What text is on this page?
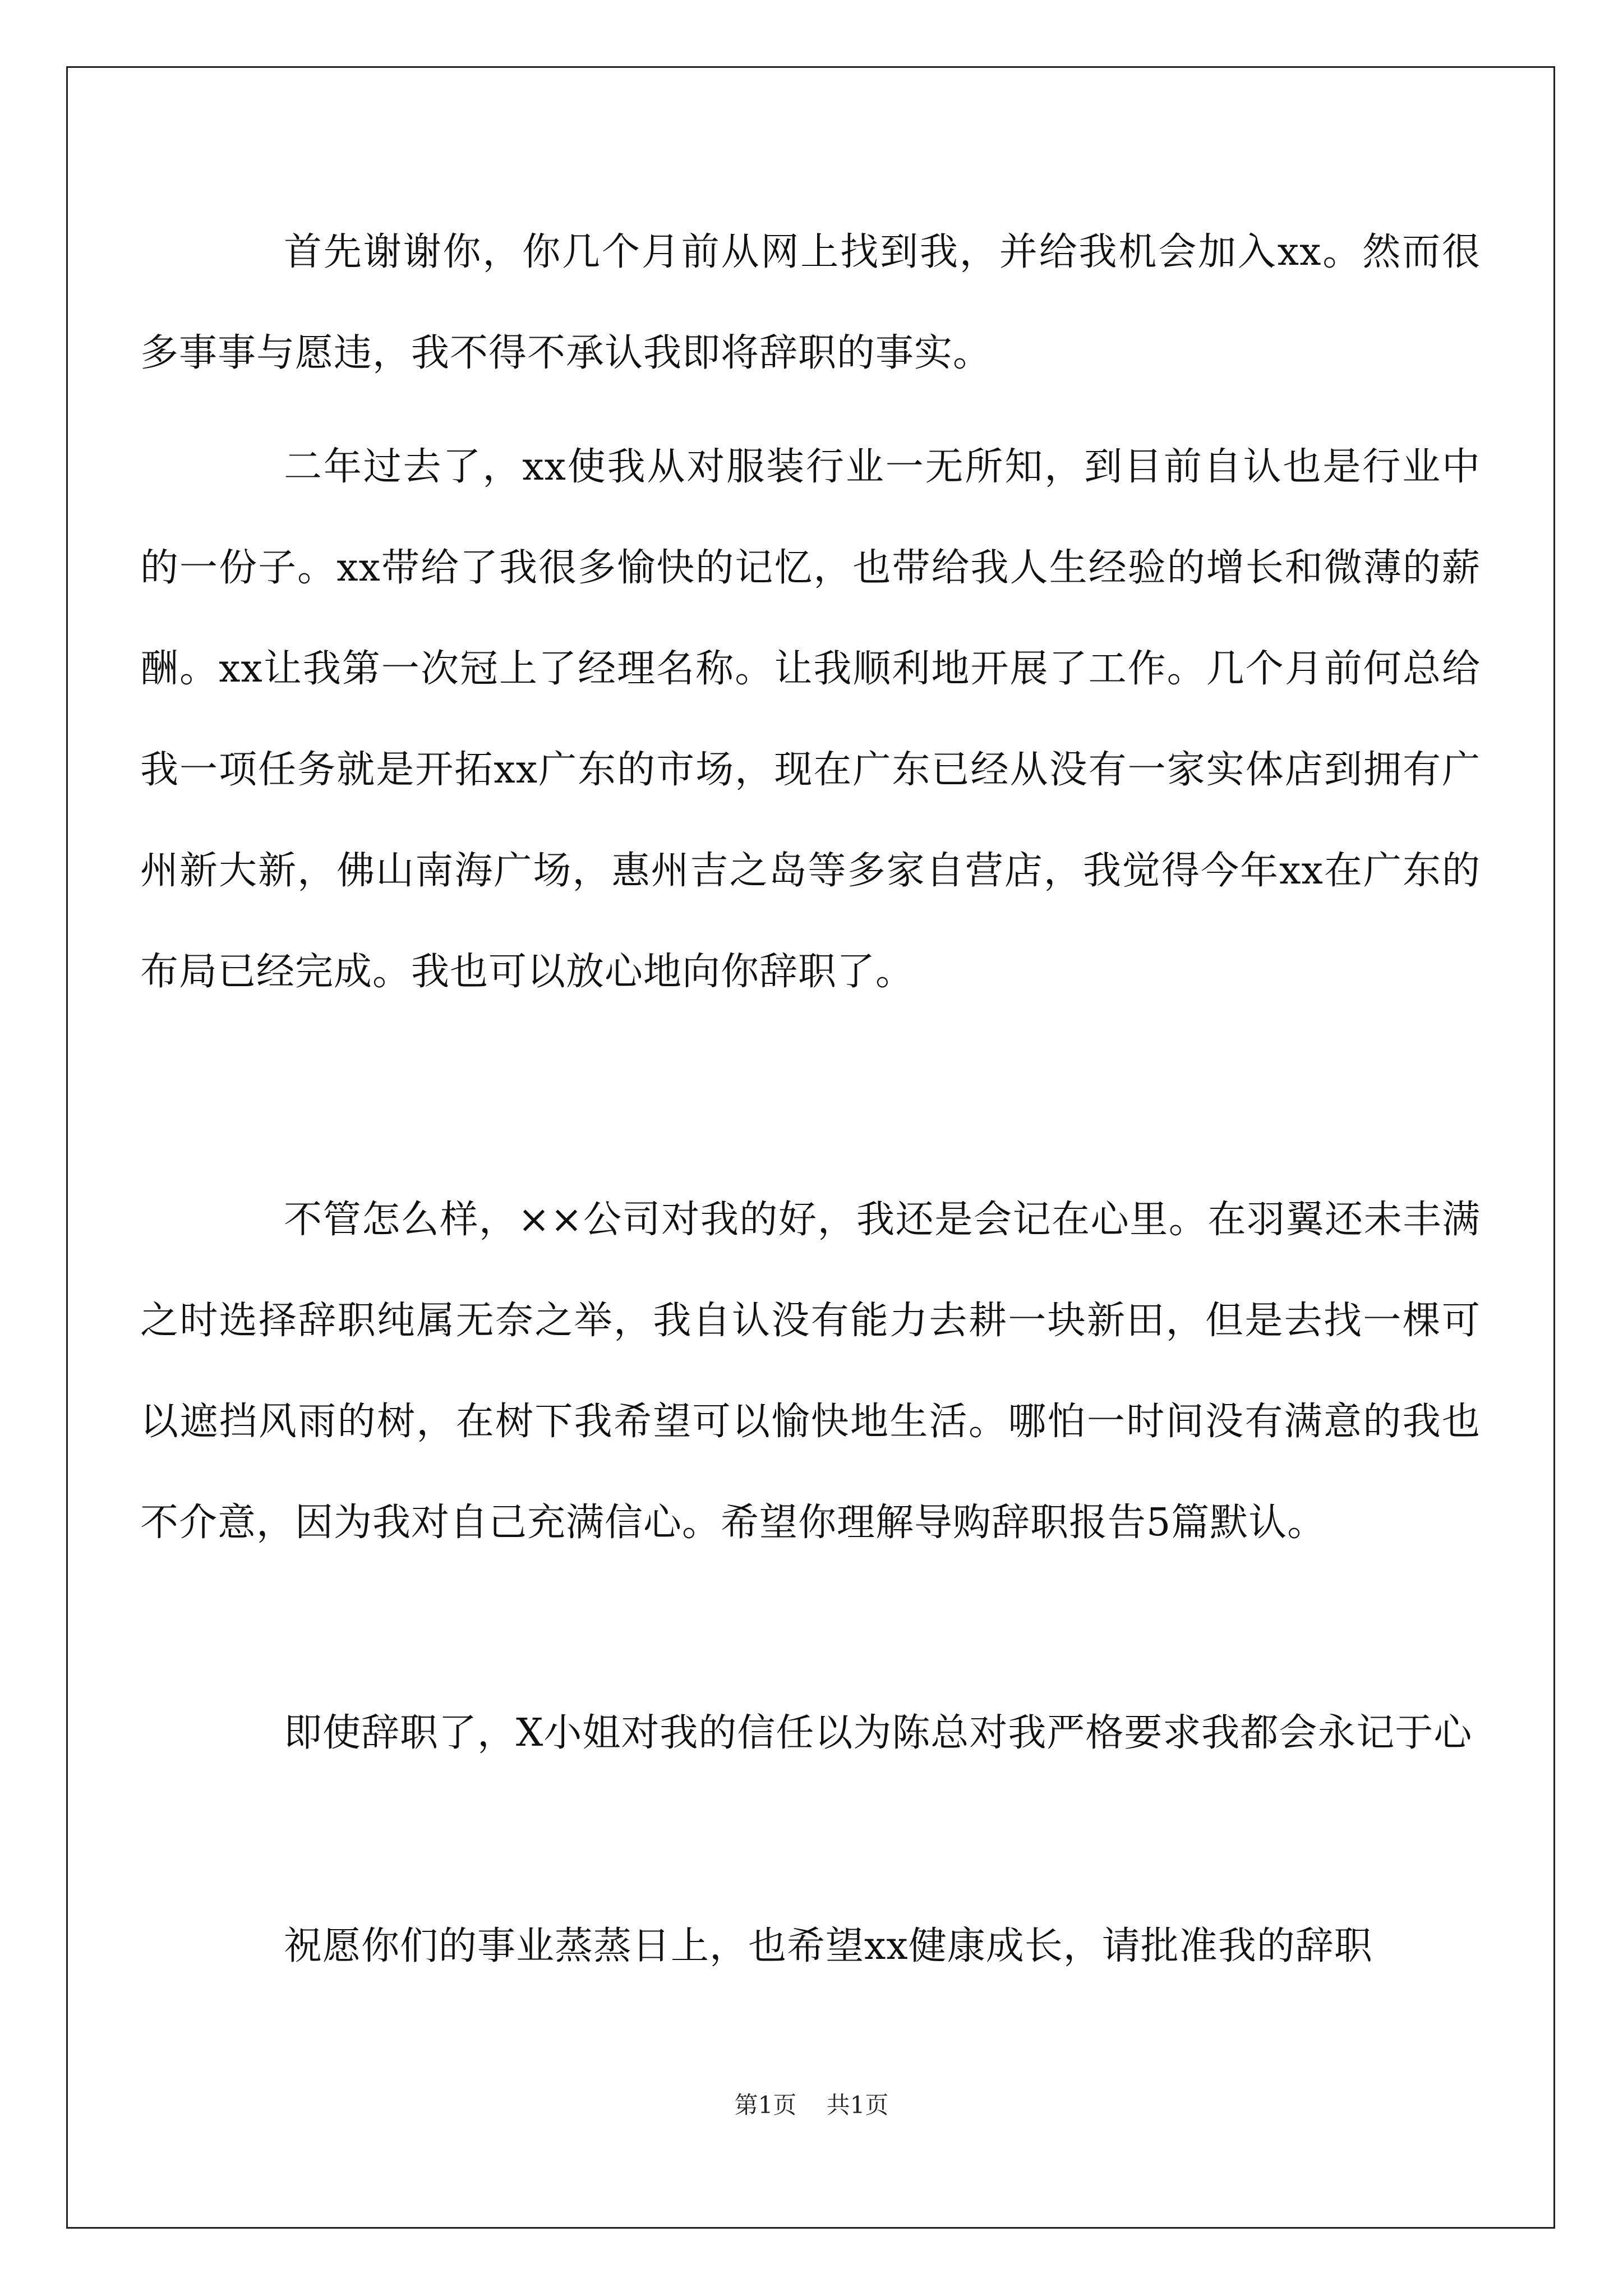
首先谢谢你，你几个月前从网上找到我，并给我机会加入xx。然而很多事事与愿违，我不得不承认我即将辞职的事实。

二年过去了，xx使我从对服装行业一无所知，到目前自认也是行业中的一份子。xx带给了我很多愉快的记忆，也带给我人生经验的增长和微薄的薪酬。xx让我第一次冠上了经理名称。让我顺利地开展了工作。几个月前何总给我一项任务就是开拓xx广东的市场，现在广东已经从没有一家实体店到拥有广州新大新，佛山南海广场，惠州吉之岛等多家自营店，我觉得今年xx在广东的布局已经完成。我也可以放心地向你辞职了。

不管怎么样，××公司对我的好，我还是会记在心里。在羽翼还未丰满之时选择辞职纯属无奈之举，我自认没有能力去耕一块新田，但是去找一棵可以遮挡风雨的树，在树下我希望可以愉快地生活。哪怕一时间没有满意的我也不介意，因为我对自己充满信心。希望你理解导购辞职报告5篇默认。

即使辞职了，X小姐对我的信任以为陈总对我严格要求我都会永记于心

祝愿你们的事业蒸蒸日上，也希望xx健康成长，请批准我的辞职

第1页 共1页
